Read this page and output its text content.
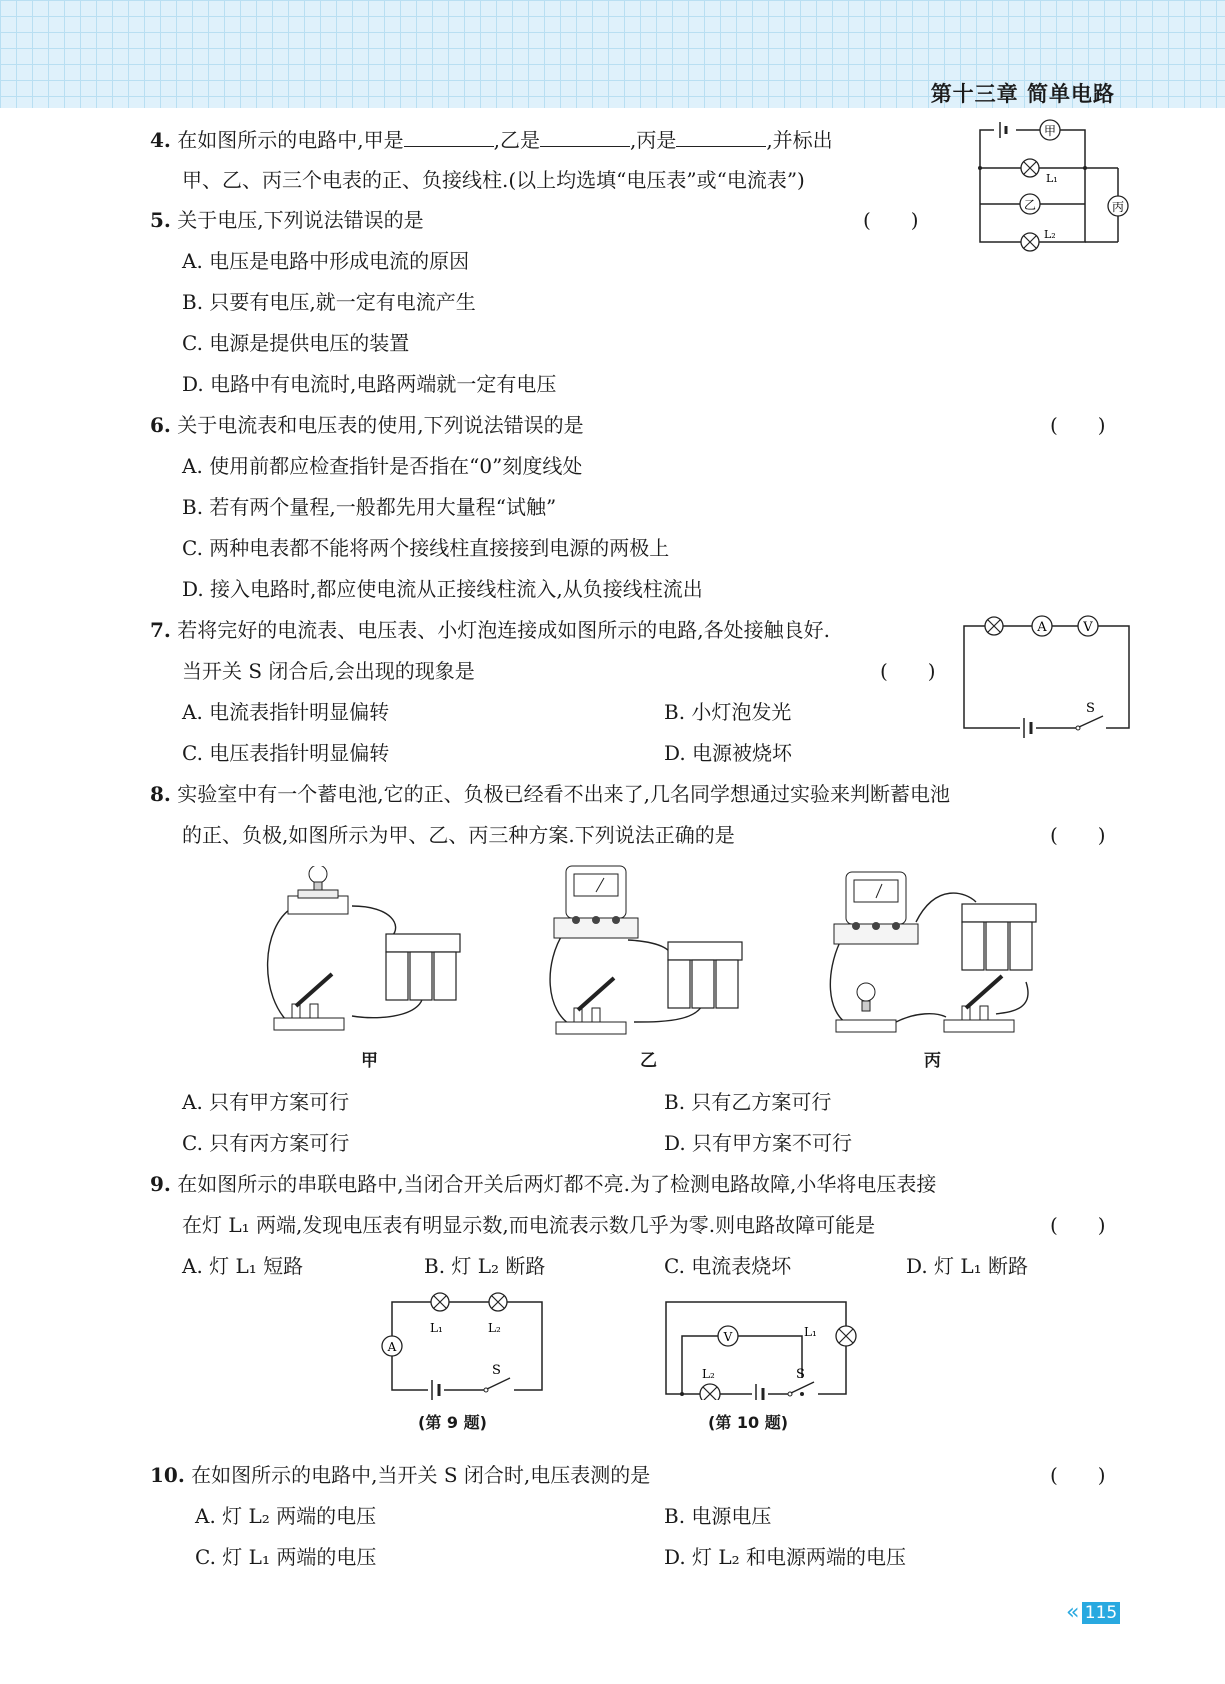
第十三章 简单电路
4. 在如图所示的电路中,甲是	,乙是	,丙是	,并标出
甲、乙、丙三个电表的正、负接线柱.(以上均选填“电压表”或“电流表”)
甲
L₁
乙	丙
L₂
5. 关于电压,下列说法错误的是	(　　)
A. 电压是电路中形成电流的原因
B. 只要有电压,就一定有电流产生
C. 电源是提供电压的装置
D. 电路中有电流时,电路两端就一定有电压
6. 关于电流表和电压表的使用,下列说法错误的是	(　　)
A. 使用前都应检查指针是否指在“0”刻度线处
B. 若有两个量程,一般都先用大量程“试触”
C. 两种电表都不能将两个接线柱直接接到电源的两极上
D. 接入电路时,都应使电流从正接线柱流入,从负接线柱流出
7. 若将完好的电流表、电压表、小灯泡连接成如图所示的电路,各处接触良好.
当开关 S 闭合后,会出现的现象是	(　　)
A. 电流表指针明显偏转	B. 小灯泡发光
C. 电压表指针明显偏转	D. 电源被烧坏
A	V
S
8. 实验室中有一个蓄电池,它的正、负极已经看不出来了,几名同学想通过实验来判断蓄电池
的正、负极,如图所示为甲、乙、丙三种方案.下列说法正确的是	(　　)
甲	乙	丙
A. 只有甲方案可行	B. 只有乙方案可行
C. 只有丙方案可行	D. 只有甲方案不可行
9. 在如图所示的串联电路中,当闭合开关后两灯都不亮.为了检测电路故障,小华将电压表接
在灯 L₁ 两端,发现电压表有明显示数,而电流表示数几乎为零.则电路故障可能是	(　　)
A. 灯 L₁ 短路	B. 灯 L₂ 断路	C. 电流表烧坏	D. 灯 L₁ 断路
L₁	L₂
A
S
(第 9 题)
L₁
V
L₂	S
(第 10 题)
10. 在如图所示的电路中,当开关 S 闭合时,电压表测的是	(　　)
A. 灯 L₂ 两端的电压	B. 电源电压
C. 灯 L₁ 两端的电压	D. 灯 L₂ 和电源两端的电压
« 115
